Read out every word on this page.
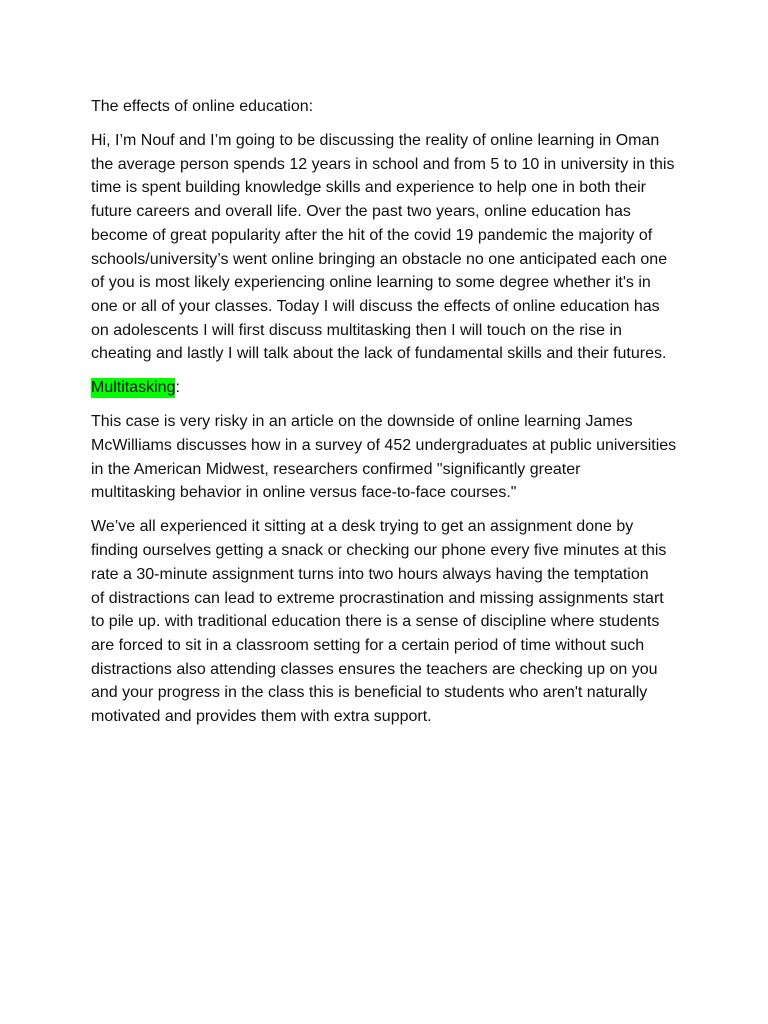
The effects of online education:

Hi, I’m Nouf and I’m going to be discussing the reality of online learning in Oman
the average person spends 12 years in school and from 5 to 10 in university in this
time is spent building knowledge skills and experience to help one in both their
future careers and overall life. Over the past two years, online education has
become of great popularity after the hit of the covid 19 pandemic the majority of
schools/university’s went online bringing an obstacle no one anticipated each one
of you is most likely experiencing online learning to some degree whether it's in
one or all of your classes. Today I will discuss the effects of online education has
on adolescents I will first discuss multitasking then I will touch on the rise in
cheating and lastly I will talk about the lack of fundamental skills and their futures.

Multitasking:

This case is very risky in an article on the downside of online learning James
McWilliams discusses how in a survey of 452 undergraduates at public universities
in the American Midwest, researchers confirmed "significantly greater
multitasking behavior in online versus face-to-face courses."

We’ve all experienced it sitting at a desk trying to get an assignment done by
finding ourselves getting a snack or checking our phone every five minutes at this
rate a 30-minute assignment turns into two hours always having the temptation
of distractions can lead to extreme procrastination and missing assignments start
to pile up. with traditional education there is a sense of discipline where students
are forced to sit in a classroom setting for a certain period of time without such
distractions also attending classes ensures the teachers are checking up on you
and your progress in the class this is beneficial to students who aren't naturally
motivated and provides them with extra support.
